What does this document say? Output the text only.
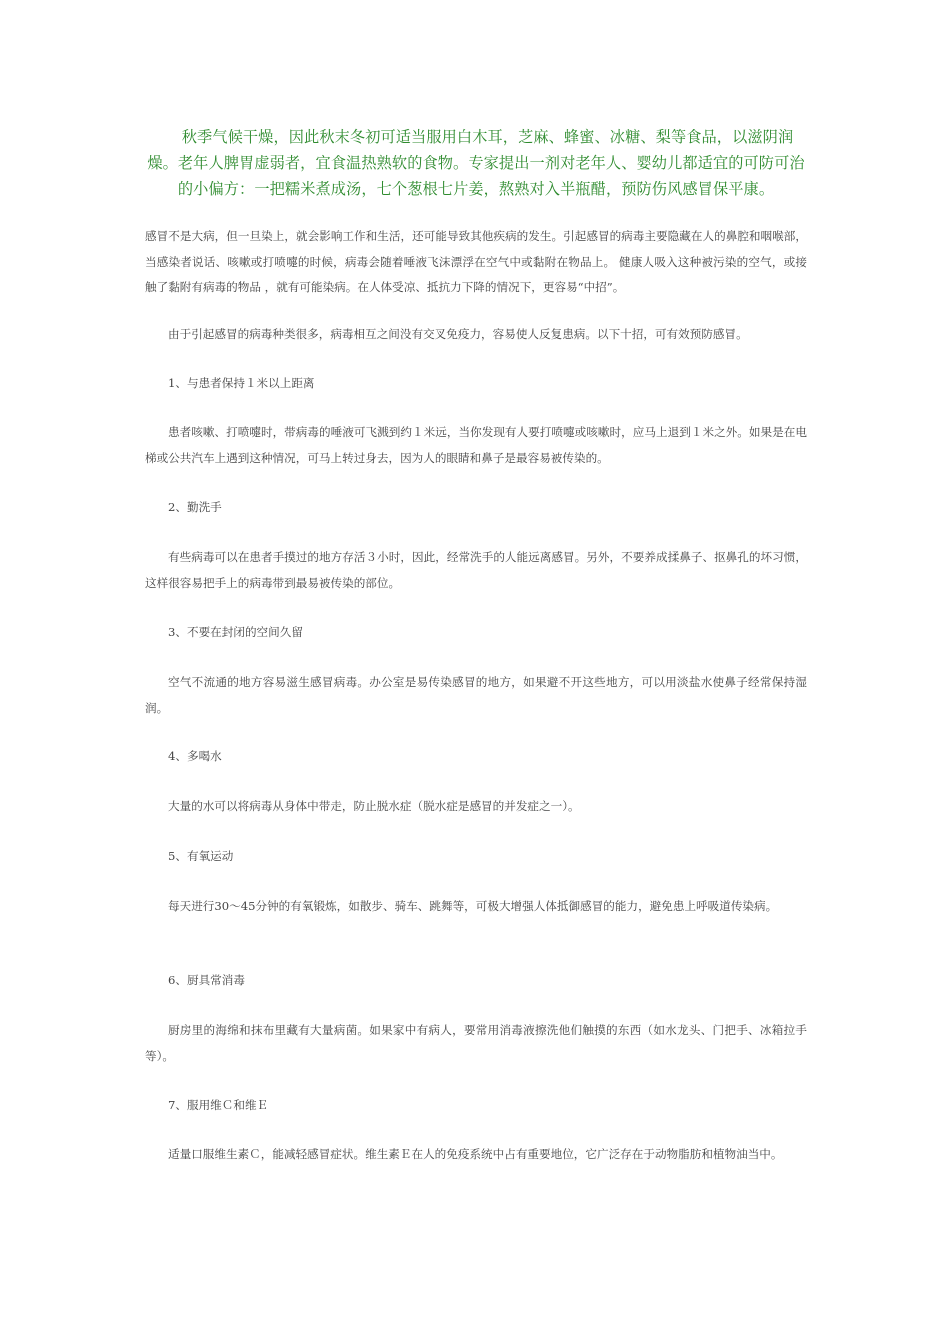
秋季气候干燥，因此秋末冬初可适当服用白木耳，芝麻、蜂蜜、冰糖、梨等食品，以滋阴润燥。老年人脾胃虚弱者，宜食温热熟软的食物。专家提出一剂对老年人、婴幼儿都适宜的可防可治的小偏方：一把糯米煮成汤，七个葱根七片姜，熬熟对入半瓶醋，预防伤风感冒保平康。

感冒不是大病，但一旦染上，就会影响工作和生活，还可能导致其他疾病的发生。引起感冒的病毒主要隐藏在人的鼻腔和咽喉部，当感染者说话、咳嗽或打喷嚏的时候，病毒会随着唾液飞沫漂浮在空气中或黏附在物品上。 健康人吸入这种被污染的空气，或接触了黏附有病毒的物品 ，就有可能染病。在人体受凉、抵抗力下降的情况下，更容易“中招”。

由于引起感冒的病毒种类很多，病毒相互之间没有交叉免疫力，容易使人反复患病。以下十招，可有效预防感冒。

1、与患者保持１米以上距离

患者咳嗽、打喷嚏时，带病毒的唾液可飞溅到约１米远，当你发现有人要打喷嚏或咳嗽时，应马上退到１米之外。如果是在电梯或公共汽车上遇到这种情况，可马上转过身去，因为人的眼睛和鼻子是最容易被传染的。

2、勤洗手

有些病毒可以在患者手摸过的地方存活３小时，因此，经常洗手的人能远离感冒。另外，不要养成揉鼻子、抠鼻孔的坏习惯，这样很容易把手上的病毒带到最易被传染的部位。

3、不要在封闭的空间久留

空气不流通的地方容易滋生感冒病毒。办公室是易传染感冒的地方，如果避不开这些地方，可以用淡盐水使鼻子经常保持湿润。

4、多喝水

大量的水可以将病毒从身体中带走，防止脱水症（脱水症是感冒的并发症之一）。

5、有氧运动

每天进行30～45分钟的有氧锻炼，如散步、骑车、跳舞等，可极大增强人体抵御感冒的能力，避免患上呼吸道传染病。

6、厨具常消毒

厨房里的海绵和抹布里藏有大量病菌。如果家中有病人，要常用消毒液擦洗他们触摸的东西（如水龙头、门把手、冰箱拉手等）。

7、服用维Ｃ和维Ｅ

适量口服维生素Ｃ，能减轻感冒症状。维生素Ｅ在人的免疫系统中占有重要地位，它广泛存在于动物脂肪和植物油当中。
